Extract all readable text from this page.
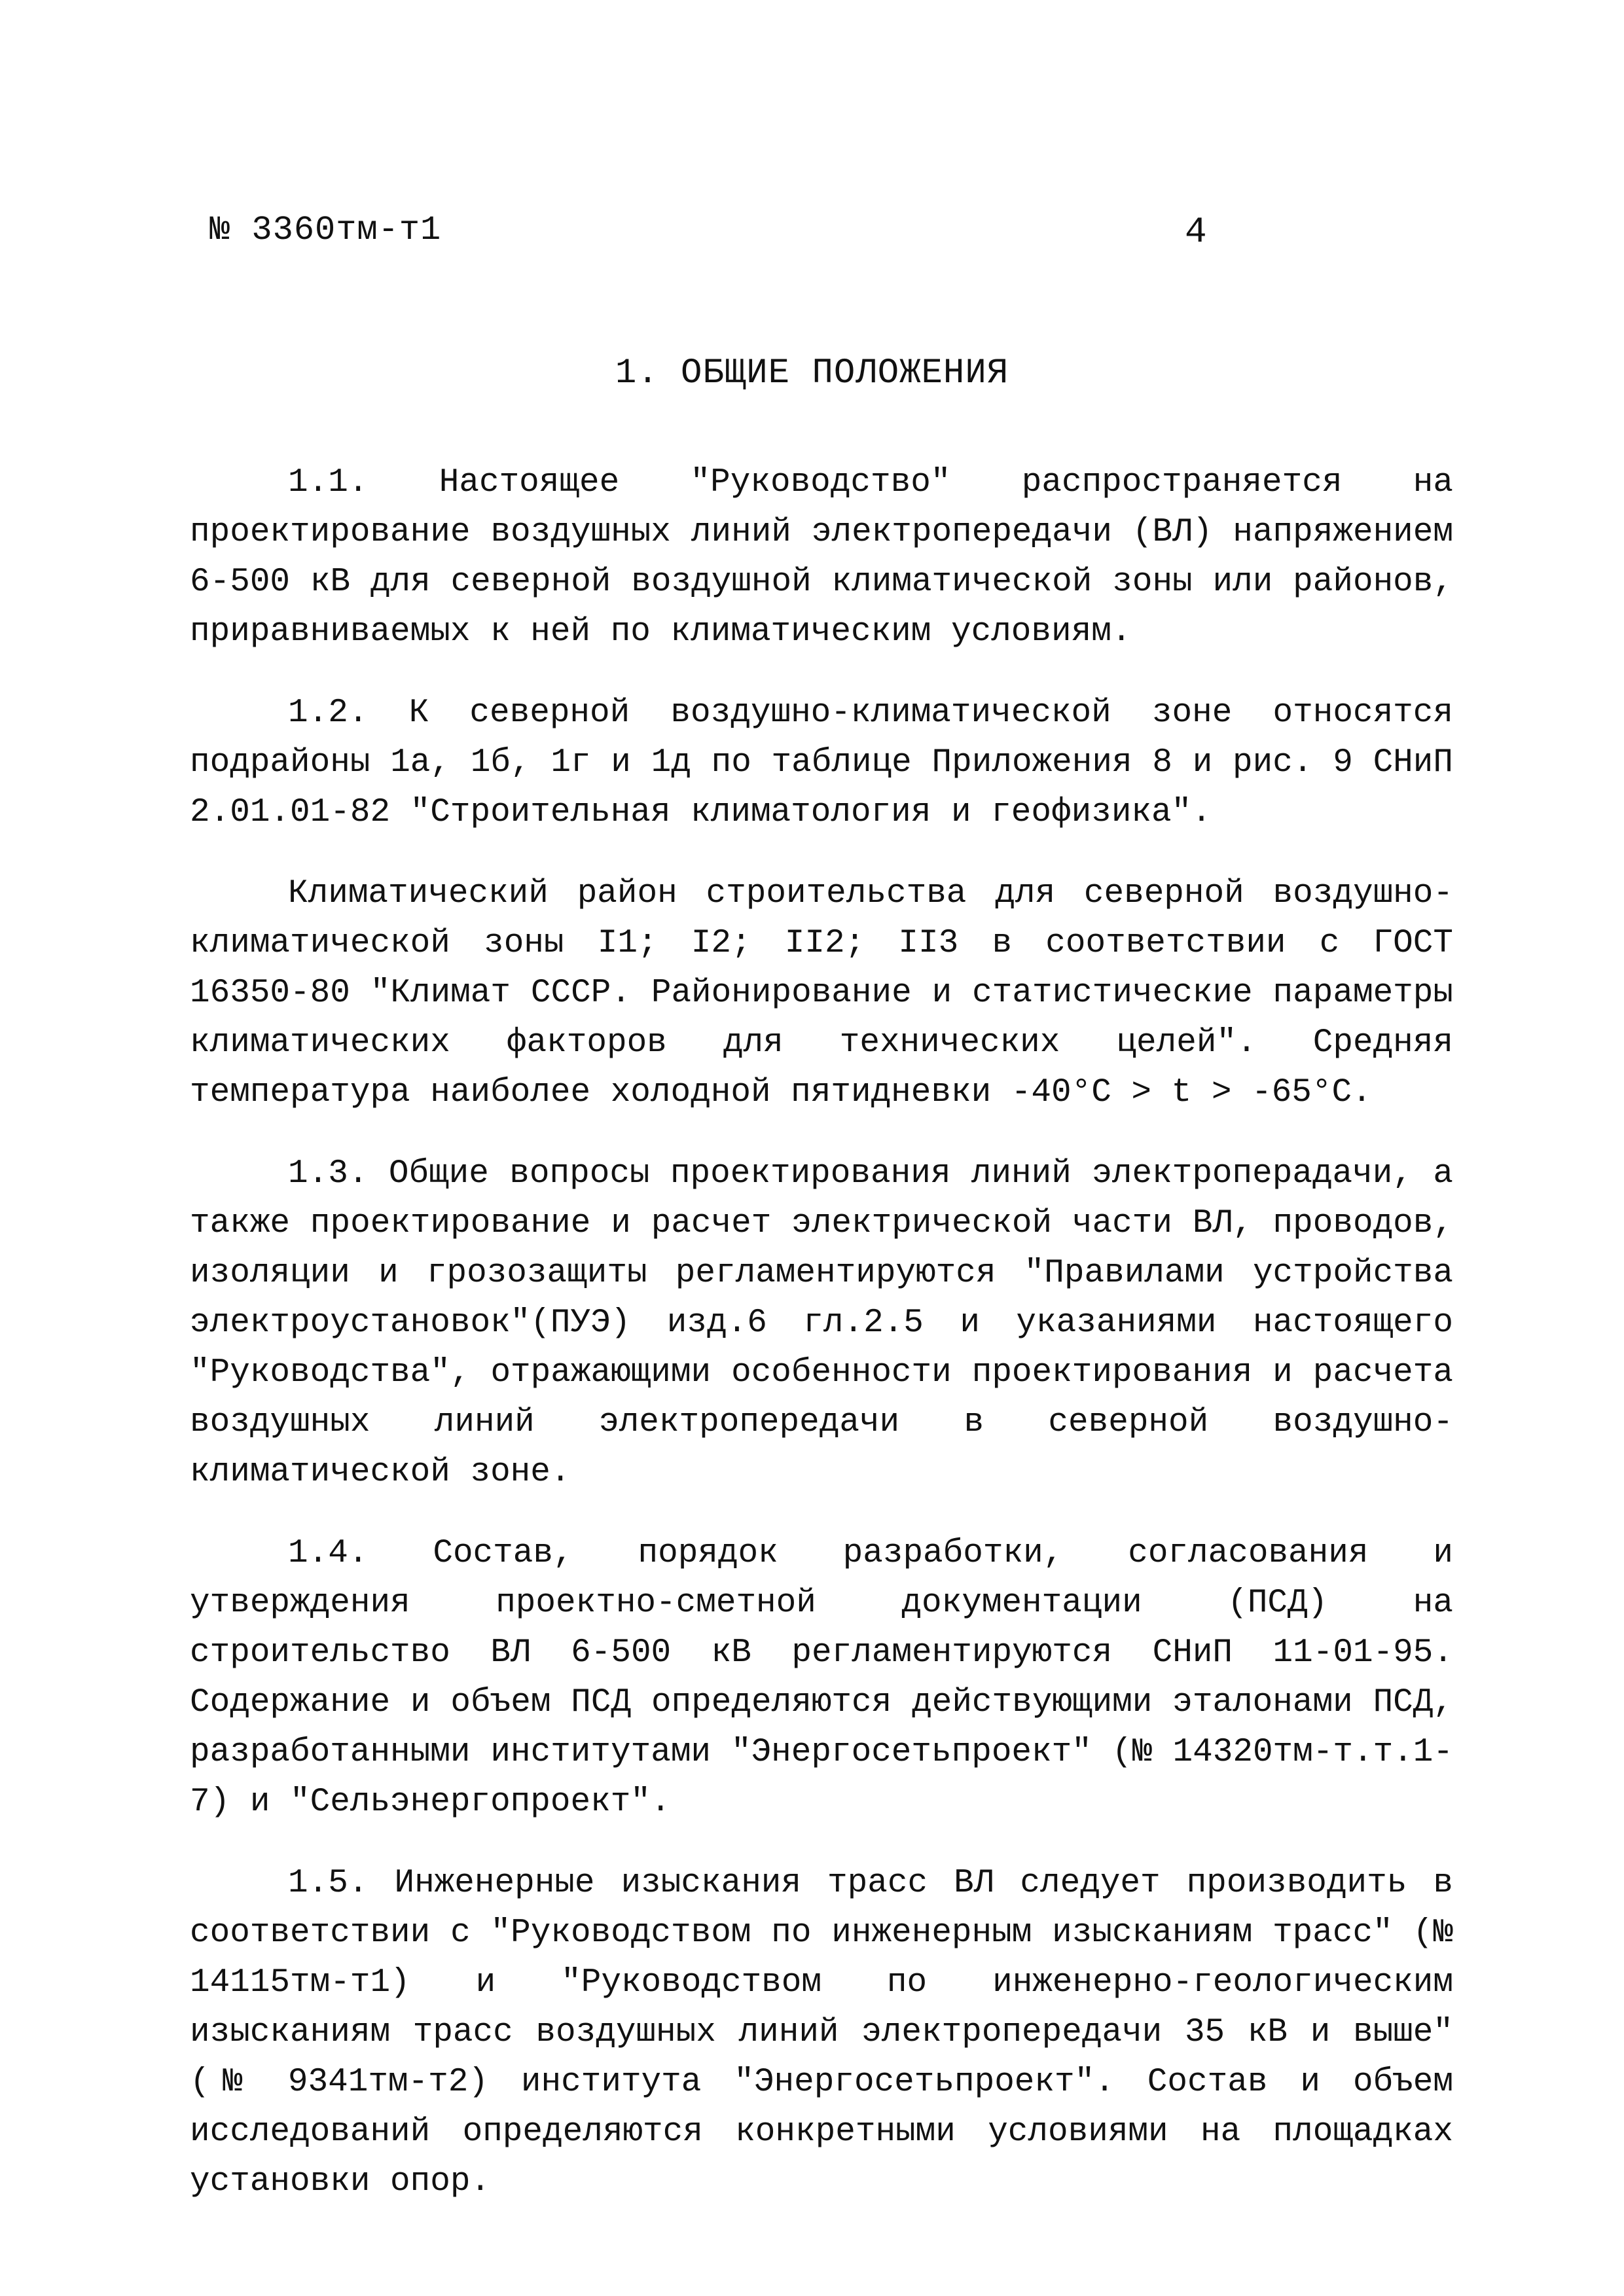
№ 3360тм-т1	4
1. ОБЩИЕ ПОЛОЖЕНИЯ

1.1. Настоящее "Руководство" распространяется на проектирование воздушных линий электропередачи (ВЛ) напряжением 6-500 кВ для северной воздушной климатической зоны или районов, приравниваемых к ней по климатическим условиям.

1.2. К северной воздушно-климатической зоне относятся подрайоны 1а, 1б, 1г и 1д по таблице Приложения 8 и рис. 9 СНиП 2.01.01-82 "Строительная климатология и геофизика".

Климатический район строительства для северной воздушно-климатической зоны I1; I2; II2; II3 в соответствии с ГОСТ 16350-80 "Климат СССР. Районирование и статистические параметры климатических факторов для технических целей". Средняя температура наиболее холодной пятидневки -40°С > t > -65°С.

1.3. Общие вопросы проектирования линий электроперадачи, а также проектирование и расчет электрической части ВЛ, проводов, изоляции и грозозащиты регламентируются "Правилами устройства электроустановок"(ПУЭ) изд.6 гл.2.5 и указаниями настоящего "Руководства", отражающими особенности проектирования и расчета воздушных линий электропередачи в северной воздушно-климатической зоне.

1.4. Состав, порядок разработки, согласования и утверждения проектно-сметной документации (ПСД) на строительство ВЛ 6-500 кВ регламентируются СНиП 11-01-95. Содержание и объем ПСД определяются действующими эталонами ПСД, разработанными институтами "Энергосетьпроект" (№ 14320тм-т.т.1-7) и "Сельэнергопроект".

1.5. Инженерные изыскания трасс ВЛ следует производить в соответствии с "Руководством по инженерным изысканиям трасс" (№ 14115тм-т1) и "Руководством по инженерно-геологическим изысканиям трасс воздушных линий электропередачи 35 кВ и выше" (№ 9341тм-т2) института "Энергосетьпроект". Состав и объем исследований определяются конкретными условиями на площадках установки опор.
